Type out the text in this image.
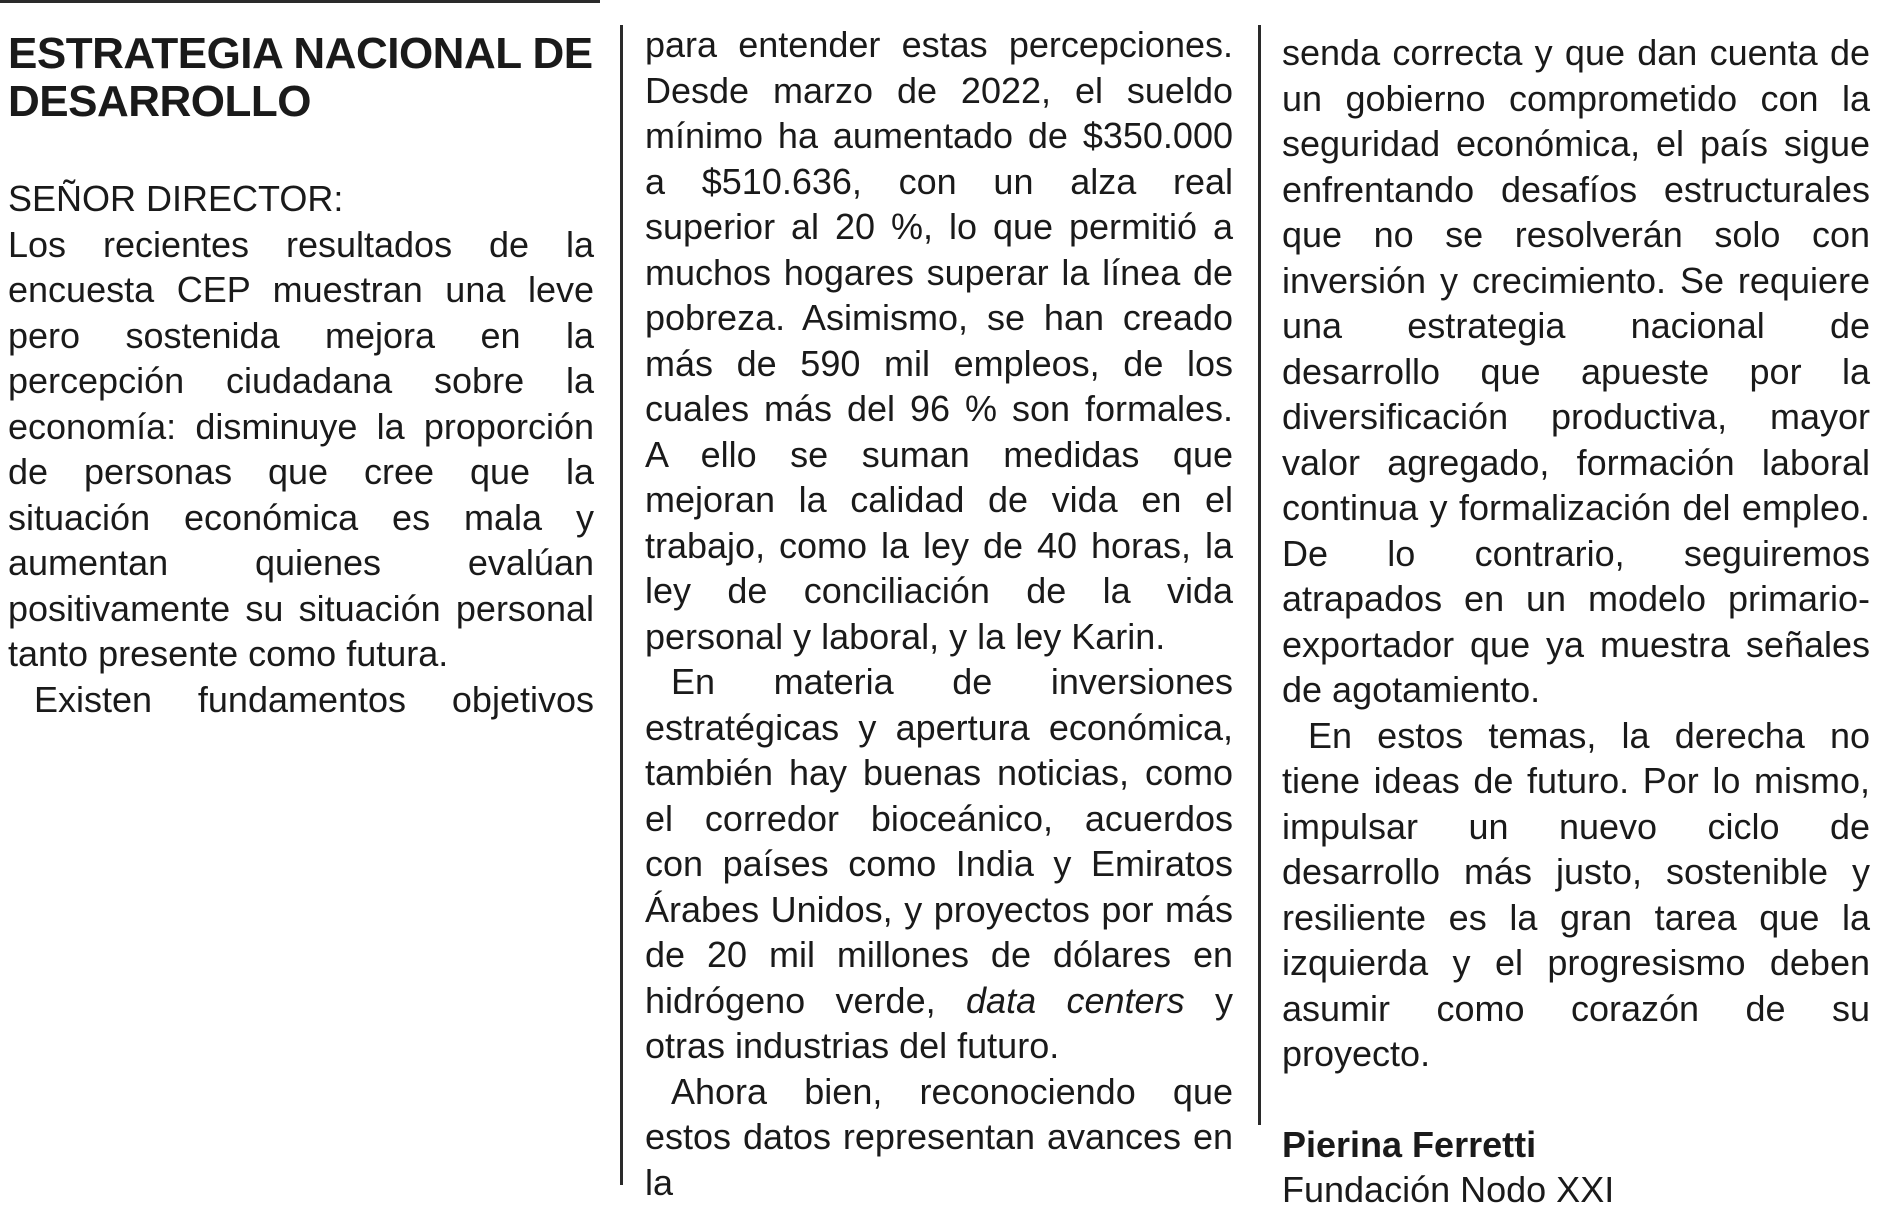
ESTRATEGIA NACIONAL DE DESARROLLO

SEÑOR DIRECTOR:

Los recientes resultados de la encuesta CEP muestran una leve pero sostenida mejora en la percepción ciudadana sobre la economía: disminuye la proporción de personas que cree que la situación económica es mala y aumentan quienes evalúan positivamente su situación personal tanto presente como futura.

Existen fundamentos objetivos

para entender estas percepciones. Desde marzo de 2022, el sueldo mínimo ha aumentado de $350.000 a $510.636, con un alza real superior al 20 %, lo que permitió a muchos hogares superar la línea de pobreza. Asimismo, se han creado más de 590 mil empleos, de los cuales más del 96 % son formales. A ello se suman medidas que mejoran la calidad de vida en el trabajo, como la ley de 40 horas, la ley de conciliación de la vida personal y laboral, y la ley Karin.

En materia de inversiones estratégicas y apertura económica, también hay buenas noticias, como el corredor bioceánico, acuerdos con países como India y Emiratos Árabes Unidos, y proyectos por más de 20 mil millones de dólares en hidrógeno verde, data centers y otras industrias del futuro.

Ahora bien, reconociendo que estos datos representan avances en la

senda correcta y que dan cuenta de un gobierno comprometido con la seguridad económica, el país sigue enfrentando desafíos estructurales que no se resolverán solo con inversión y crecimiento. Se requiere una estrategia nacional de desarrollo que apueste por la diversificación productiva, mayor valor agregado, formación laboral continua y formalización del empleo. De lo contrario, seguiremos atrapados en un modelo primario-exportador que ya muestra señales de agotamiento.

En estos temas, la derecha no tiene ideas de futuro. Por lo mismo, impulsar un nuevo ciclo de desarrollo más justo, sostenible y resiliente es la gran tarea que la izquierda y el progresismo deben asumir como corazón de su proyecto.

Pierina Ferretti
Fundación Nodo XXI
